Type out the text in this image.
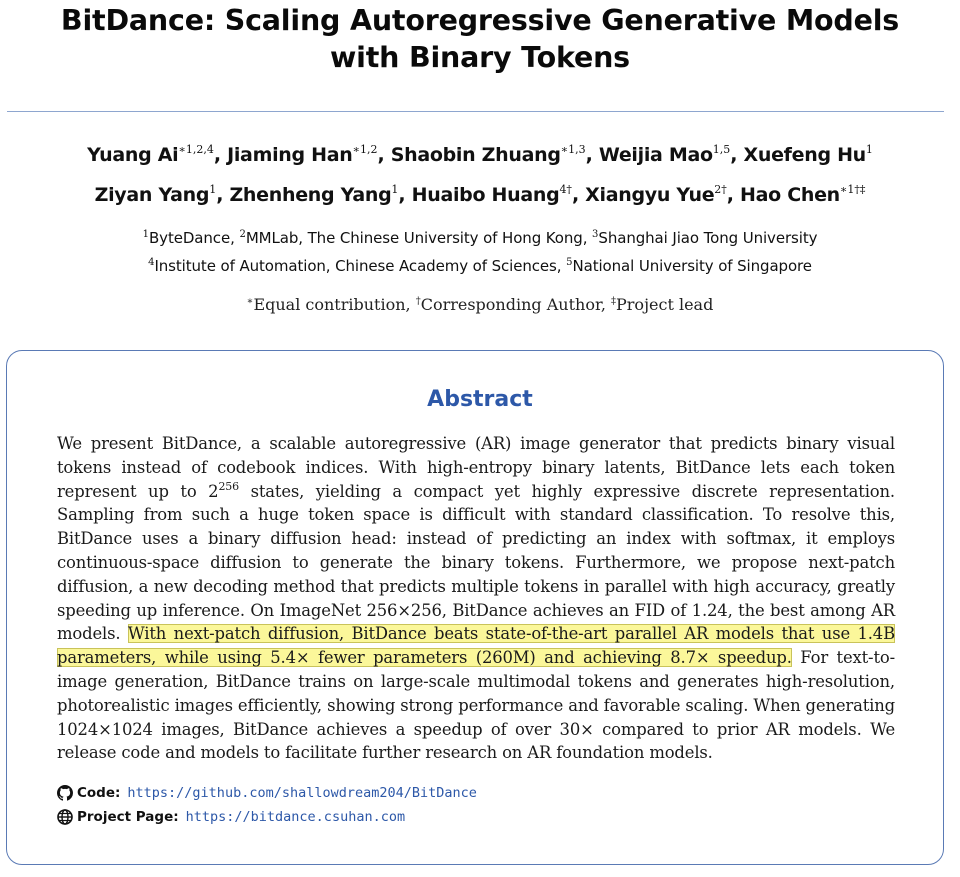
BitDance: Scaling Autoregressive Generative Models
with Binary Tokens
Yuang $Ai^{∗1,2,4}$, Jiaming Han$^{∗1,2}$, Shaobin Zhuang$^{∗1,3}$, Weijia Mao$^{1,5}$, Xuefeng Hu$^1$
Ziyan Yang$^1$, Zhenheng Yang$^1$, Huaibo Huang$^{4\dagger}$, Xiangyu Yue$^{2\dagger}$, Hao Chen$^{∗1\dagger\ddagger}$
$^1$ByteDance, $^2$MMLab, The Chinese University of Hong Kong, $^3$Shanghai Jiao Tong University
$^4$Institute of Automation, Chinese Academy of Sciences, $^5$National University of Singapore
∗Equal contribution, †Corresponding Author, ‡Project lead
Abstract
We present BitDance, a scalable autoregressive (AR) image generator that predicts binary visual tokens instead of codebook indices. With high-entropy binary latents, BitDance lets each token represent up to $2^{256}$ states, yielding a compact yet highly expressive discrete representation. Sampling from such a huge token space is difficult with standard classification. To resolve this, BitDance uses a binary diffusion head: instead of predicting an index with softmax, it employs continuous-space diffusion to generate the binary tokens. Furthermore, we propose next-patch diffusion, a new decoding method that predicts multiple tokens in parallel with high accuracy, greatly speeding up inference. On ImageNet 256×256, BitDance achieves an FID of 1.24, the best among AR models. With next-patch diffusion, BitDance beats state-of-the-art parallel AR models that use 1.4B parameters, while using 5.4× fewer parameters (260M) and achieving 8.7× speedup. For text-to-image generation, BitDance trains on large-scale multimodal tokens and generates high-resolution, photorealistic images efficiently, showing strong performance and favorable scaling. When generating 1024×1024 images, BitDance achieves a speedup of over 30× compared to prior AR models. We release code and models to facilitate further research on AR foundation models.
Code: https://github.com/shallowdream204/BitDance
Project Page: https://bitdance.csuhan.com
